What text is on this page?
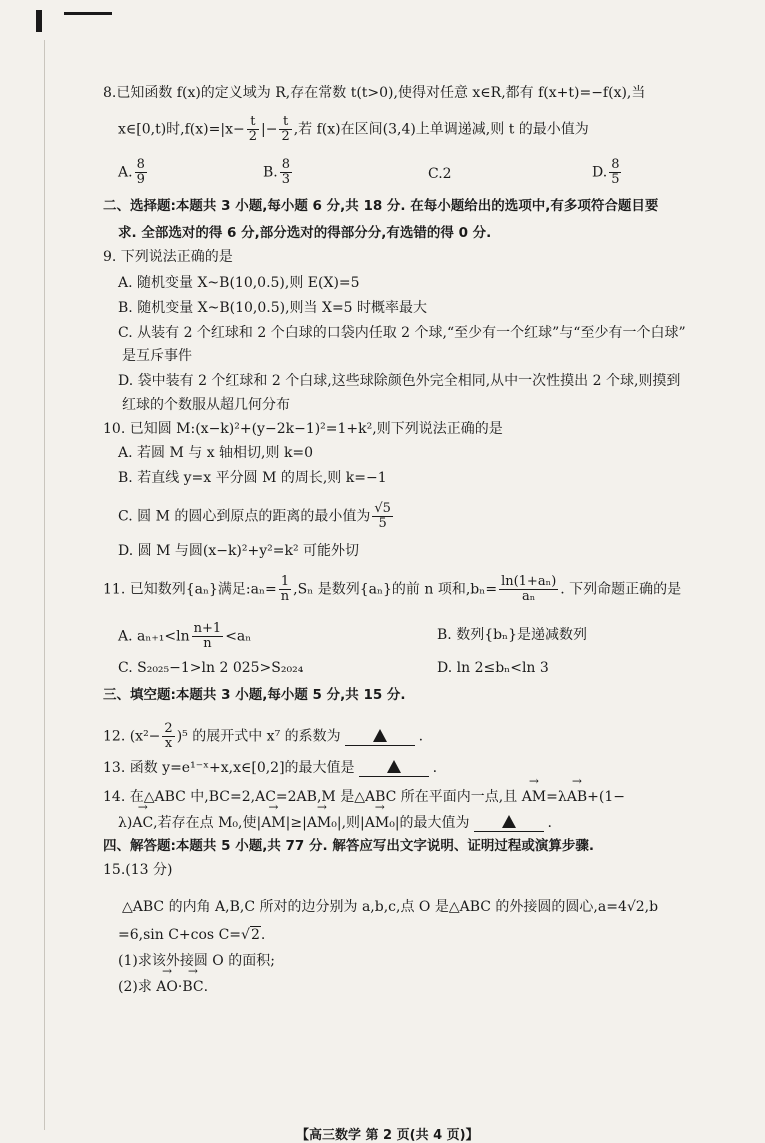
8.已知函数 f(x)的定义域为 R,存在常数 t(t>0),使得对任意 x∈R,都有 f(x+t)=−f(x),当
x∈[0,t)时$,f(x)=|x- \frac{t}{2}$ |− $\frac{t}{2}$ ,若 f(x)在区间(3,4)上单调递减,则 t 的最小值为
A. $\frac{8}{9}$	B. $\frac{8}{3}$	C.2	D. $\frac{8}{5}$
二、选择题:本题共 3 小题,每小题 6 分,共 18 分. 在每小题给出的选项中,有多项符合题目要
求. 全部选对的得 6 分,部分选对的得部分分,有选错的得 0 分.
9. 下列说法正确的是
A. 随机变量 X~B(10,0.5),则 E(X)=5
B. 随机变量 X~B(10,0.5),则当 X=5 时概率最大
C. 从装有 2 个红球和 2 个白球的口袋内任取 2 个球,“至少有一个红球”与“至少有一个白球”
是互斥事件
D. 袋中装有 2 个红球和 2 个白球,这些球除颜色外完全相同,从中一次性摸出 2 个球,则摸到
红球的个数服从超几何分布
10. 已知圆 M:(x−k)²+(y−2k−1)²=1+k²,则下列说法正确的是
A. 若圆 M 与 x 轴相切,则 k=0
B. 若直线 y=x 平分圆 M 的周长,则 k=−1
C. 圆 M 的圆心到原点的距离的最小值为 $\frac{√5}{5}$
D. 圆 M 与圆(x−k)²+y²=k² 可能外切
11. 已知数列{aₙ}满足:aₙ= $\frac{1}{n} ,S_n$ 是数列{aₙ}的前 n 项和$,b_n= \frac{\text{ln(1+aₙ)}}{\text{aₙ}}$ . 下列命题正确的是
A. $a_{n+1}<\ln \frac{n+1}{n} <a_n$	B. 数列{bₙ}是递减数列
C. S₂₀₂₅−1>ln 2 025>S₂₀₂₄	D. ln 2≤bₙ<ln 3
三、填空题:本题共 3 小题,每小题 5 分,共 15 分.
12. $(x^2- \frac{2}{x} )^5$ 的展开式中 x⁷ 的系数为	.
13. 函数 y=e¹⁻ˣ+x,x∈[0,2]的最大值是	.
14. 在△ABC 中,BC=2,AC=2AB,M 是△ABC 所在平面内一点,且 → AM=λ→ AB+(1−
λ)→ AC,若存在点 M₀,使|→ AM|≥|→ AM₀|,则|→ AM₀|的最大值为	.
四、解答题:本题共 5 小题,共 77 分. 解答应写出文字说明、证明过程或演算步骤.
15.(13 分)
△ABC 的内角 A,B,C 所对的边分别为 a,b,c,点 O 是△ABC 的外接圆的圆心,a=4√2,b
=6,sin C+cos C=√2.
(1)求该外接圆 O 的面积;
(2)求 → AO·→ BC.
【高三数学 第 2 页(共 4 页)】
